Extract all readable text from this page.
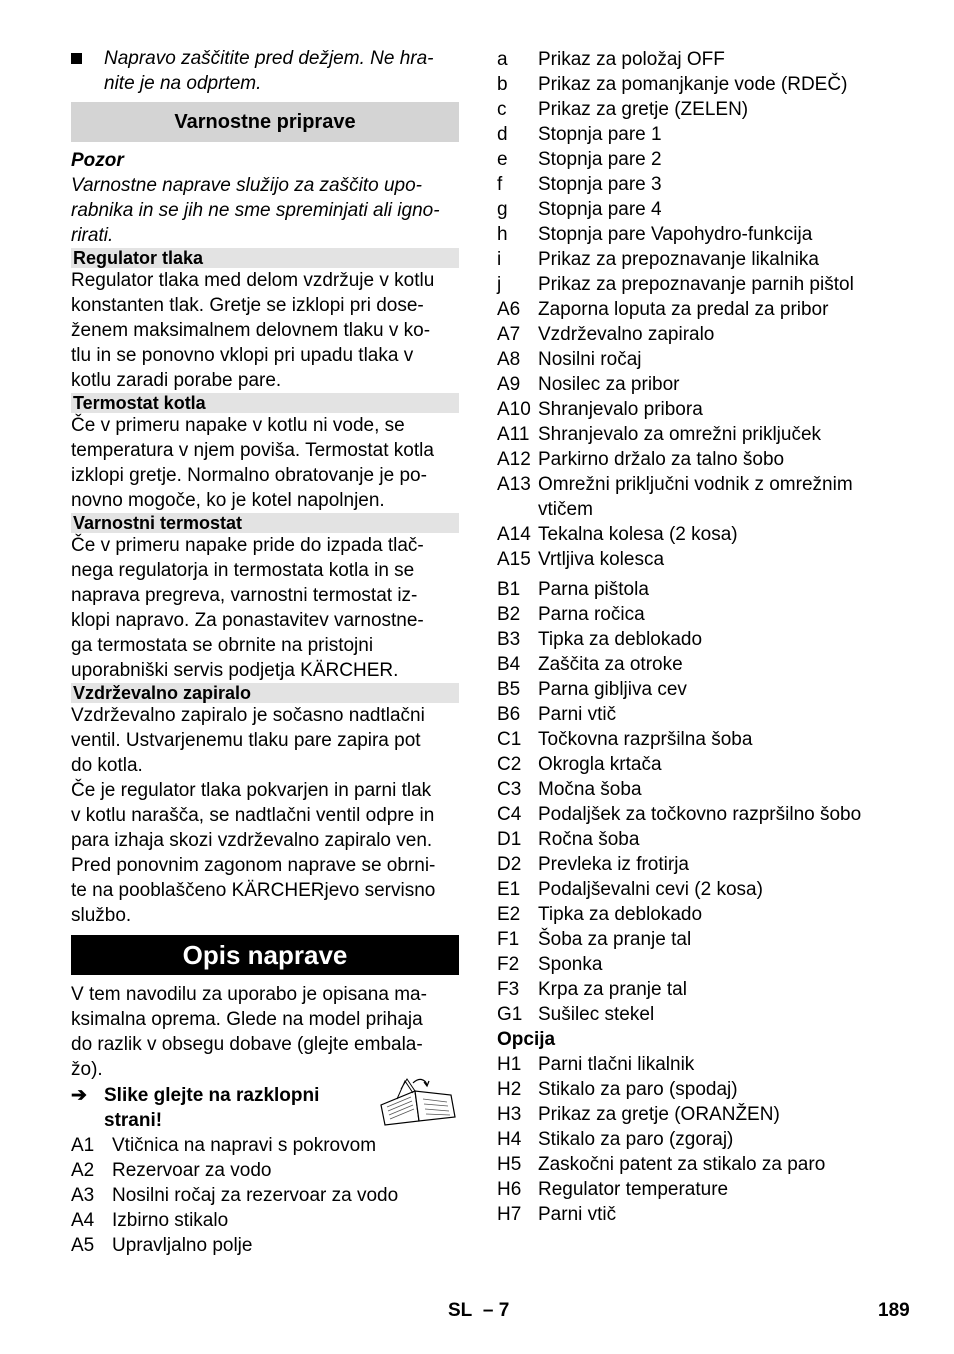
Napravo zaščitite pred dežjem. Ne hra-

nite je na odprtem.

Varnostne priprave

Pozor

Varnostne naprave služijo za zaščito upo-

rabnika in se jih ne sme spreminjati ali igno-

rirati.

Regulator tlaka

Regulator tlaka med delom vzdržuje v kotlu

konstanten tlak. Gretje se izklopi pri dose-

ženem maksimalnem delovnem tlaku v ko-

tlu in se ponovno vklopi pri upadu tlaka v

kotlu zaradi porabe pare.

Termostat kotla

Če v primeru napake v kotlu ni vode, se

temperatura v njem poviša. Termostat kotla

izklopi gretje. Normalno obratovanje je po-

novno mogoče, ko je kotel napolnjen.

Varnostni termostat

Če v primeru napake pride do izpada tlač-

nega regulatorja in termostata kotla in se

naprava pregreva, varnostni termostat iz-

klopi napravo. Za ponastavitev varnostne-

ga termostata se obrnite na pristojni

uporabniški servis podjetja KÄRCHER.

Vzdrževalno zapiralo

Vzdrževalno zapiralo je sočasno nadtlačni

ventil. Ustvarjenemu tlaku pare zapira pot

do kotla.

Če je regulator tlaka pokvarjen in parni tlak

v kotlu narašča, se nadtlačni ventil odpre in

para izhaja skozi vzdrževalno zapiralo ven.

Pred ponovnim zagonom naprave se obrni-

te na pooblaščeno KÄRCHERjevo servisno

službo.

Opis naprave

V tem navodilu za uporabo je opisana ma-

ksimalna oprema. Glede na model prihaja

do razlik v obsegu dobave (glejte embala-

žo).

➔ Slike glejte na razklopni

strani!

A1 Vtičnica na napravi s pokrovom
A2 Rezervoar za vodo
A3 Nosilni ročaj za rezervoar za vodo
A4 Izbirno stikalo
A5 Upravljalno polje
a Prikaz za položaj OFF
b Prikaz za pomanjkanje vode (RDEČ)
c Prikaz za gretje (ZELEN)
d Stopnja pare 1
e Stopnja pare 2
f Stopnja pare 3
g Stopnja pare 4
h Stopnja pare Vapohydro-funkcija
i Prikaz za prepoznavanje likalnika
j Prikaz za prepoznavanje parnih pištol
A6 Zaporna loputa za predal za pribor
A7 Vzdrževalno zapiralo
A8 Nosilni ročaj
A9 Nosilec za pribor
A10 Shranjevalo pribora
A11 Shranjevalo za omrežni priključek
A12 Parkirno držalo za talno šobo
A13 Omrežni priključni vodnik z omrežnim
vtičem
A14 Tekalna kolesa (2 kosa)
A15 Vrtljiva kolesca
B1 Parna pištola
B2 Parna ročica
B3 Tipka za deblokado
B4 Zaščita za otroke
B5 Parna gibljiva cev
B6 Parni vtič
C1 Točkovna razpršilna šoba
C2 Okrogla krtača
C3 Močna šoba
C4 Podaljšek za točkovno razpršilno šobo
D1 Ročna šoba
D2 Prevleka iz frotirja
E1 Podaljševalni cevi (2 kosa)
E2 Tipka za deblokado
F1 Šoba za pranje tal
F2 Sponka
F3 Krpa za pranje tal
G1 Sušilec stekel

Opcija

H1 Parni tlačni likalnik
H2 Stikalo za paro (spodaj)
H3 Prikaz za gretje (ORANŽEN)
H4 Stikalo za paro (zgoraj)
H5 Zaskočni patent za stikalo za paro
H6 Regulator temperature
H7 Parni vtič
SL – 7	189
